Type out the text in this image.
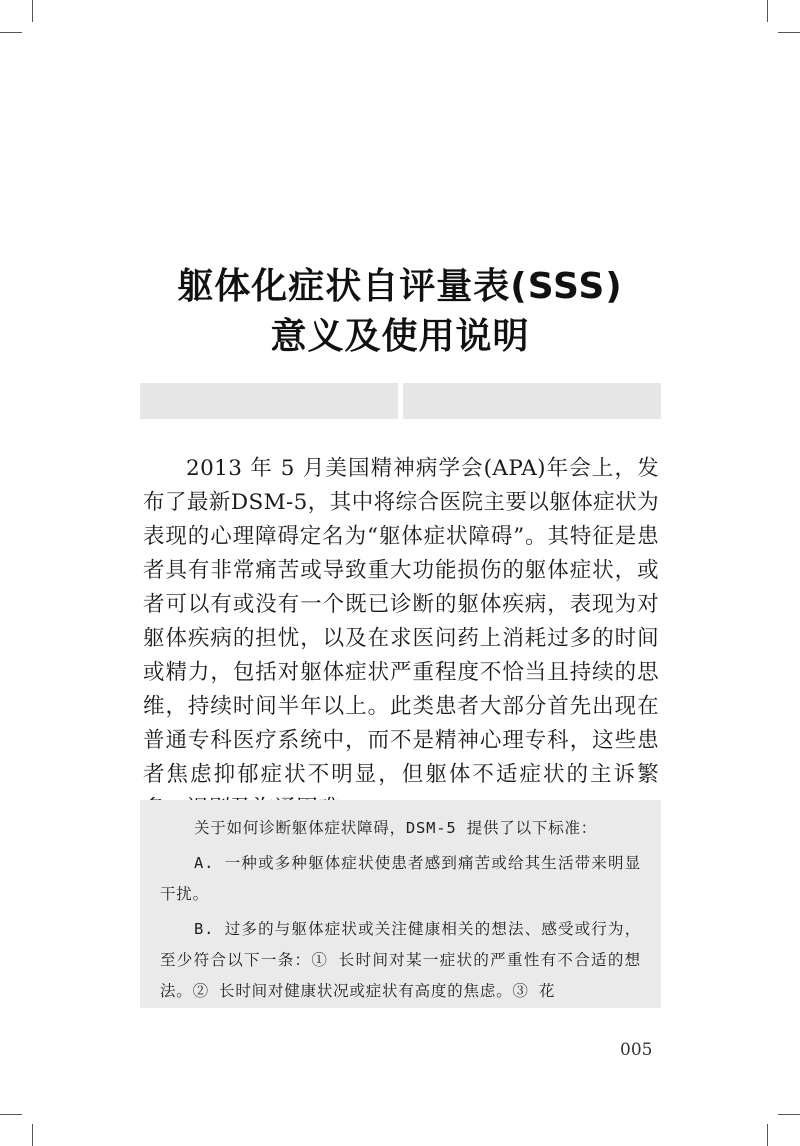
躯体化症状自评量表(SSS)
意义及使用说明

2013 年 5 月美国精神病学会(APA)年会上，发布了最新DSM-5，其中将综合医院主要以躯体症状为表现的心理障碍定名为“躯体症状障碍”。其特征是患者具有非常痛苦或导致重大功能损伤的躯体症状，或者可以有或没有一个既已诊断的躯体疾病，表现为对躯体疾病的担忧，以及在求医问药上消耗过多的时间或精力，包括对躯体症状严重程度不恰当且持续的思维，持续时间半年以上。此类患者大部分首先出现在普通专科医疗系统中，而不是精神心理专科，这些患者焦虑抑郁症状不明显，但躯体不适症状的主诉繁

关于如何诊断躯体症状障碍，DSM-5 提供了以下标准：

A. 一种或多种躯体症状使患者感到痛苦或给其生活带来明显干扰。

B. 过多的与躯体症状或关注健康相关的想法、感受或行为，至少符合以下一条：① 长时间对某一症状的严重性有不合适的想法。② 长时间对健康状况或症状有高度的焦虑。③ 花

005
